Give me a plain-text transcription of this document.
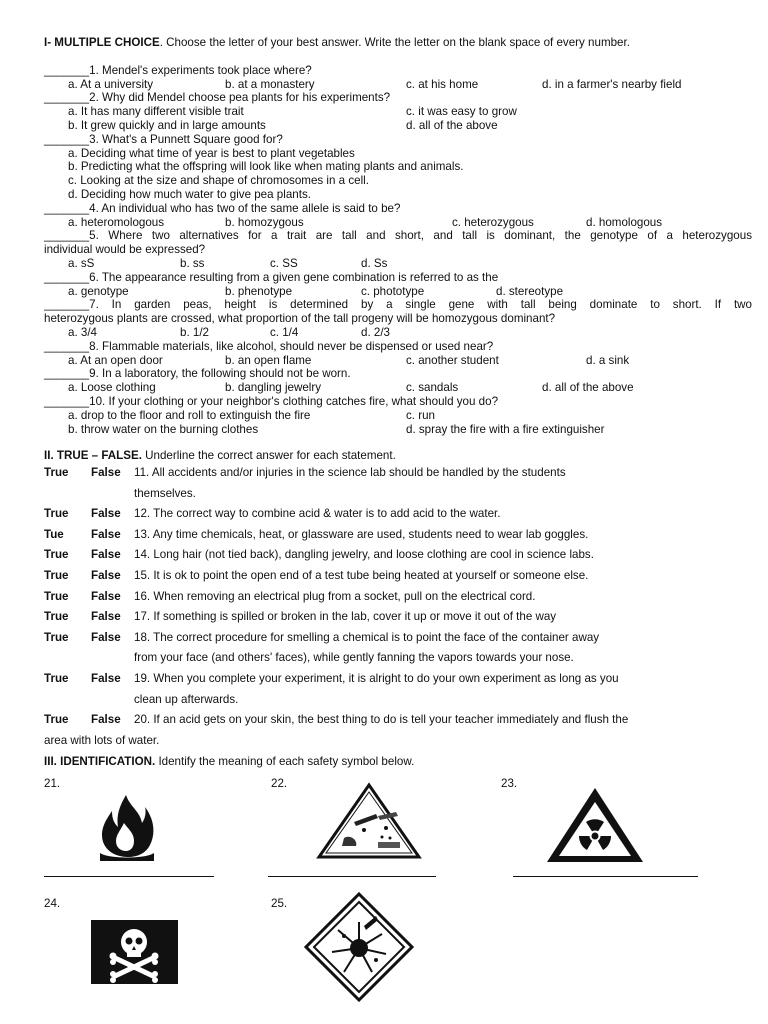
I- MULTIPLE CHOICE. Choose the letter of your best answer. Write the letter on the blank space of every number.
_______1. Mendel's experiments took place where?
a. At a university	b. at a monastery	c. at his home	d. in a farmer's nearby field
_______2. Why did Mendel choose pea plants for his experiments?
a. It has many different visible trait	c. it was easy to grow
b. It grew quickly and in large amounts	d. all of the above
_______3. What's a Punnett Square good for?
a. Deciding what time of year is best to plant vegetables
b. Predicting what the offspring will look like when mating plants and animals.
c. Looking at the size and shape of chromosomes in a cell.
d. Deciding how much water to give pea plants.
_______4. An individual who has two of the same allele is said to be?
a. heteromologous	b. homozygous	c. heterozygous	d. homologous
_______5. Where two alternatives for a trait are tall and short, and tall is dominant, the genotype of a heterozygous
individual would be expressed?
a. sS	b. ss	c. SS	d. Ss
_______6. The appearance resulting from a given gene combination is referred to as the
a. genotype	b. phenotype	c. phototype	d. stereotype
_______7. In garden peas, height is determined by a single gene with tall being dominate to short. If two
heterozygous plants are crossed, what proportion of the tall progeny will be homozygous dominant?
a. 3/4	b. 1/2	c. 1/4	d. 2/3
_______8. Flammable materials, like alcohol, should never be dispensed or used near?
a. At an open door	b. an open flame	c. another student	d. a sink
_______9. In a laboratory, the following should not be worn.
a. Loose clothing	b. dangling jewelry	c. sandals	d. all of the above
_______10. If your clothing or your neighbor's clothing catches fire, what should you do?
a. drop to the floor and roll to extinguish the fire	c. run
b. throw water on the burning clothes	d. spray the fire with a fire extinguisher
II. TRUE – FALSE. Underline the correct answer for each statement.
True False 11. All accidents and/or injuries in the science lab should be handled by the students
themselves.
True False 12. The correct way to combine acid & water is to add acid to the water.
Tue False 13. Any time chemicals, heat, or glassware are used, students need to wear lab goggles.
True False 14. Long hair (not tied back), dangling jewelry, and loose clothing are cool in science labs.
True False 15. It is ok to point the open end of a test tube being heated at yourself or someone else.
True False 16. When removing an electrical plug from a socket, pull on the electrical cord.
True False 17. If something is spilled or broken in the lab, cover it up or move it out of the way
True False 18. The correct procedure for smelling a chemical is to point the face of the container away
from your face (and others' faces), while gently fanning the vapors towards your nose.
True False 19. When you complete your experiment, it is alright to do your own experiment as long as you
clean up afterwards.
True False 20. If an acid gets on your skin, the best thing to do is tell your teacher immediately and flush the
area with lots of water.
III. IDENTIFICATION. Identify the meaning of each safety symbol below.
21.	22.	23.
24.	25.
